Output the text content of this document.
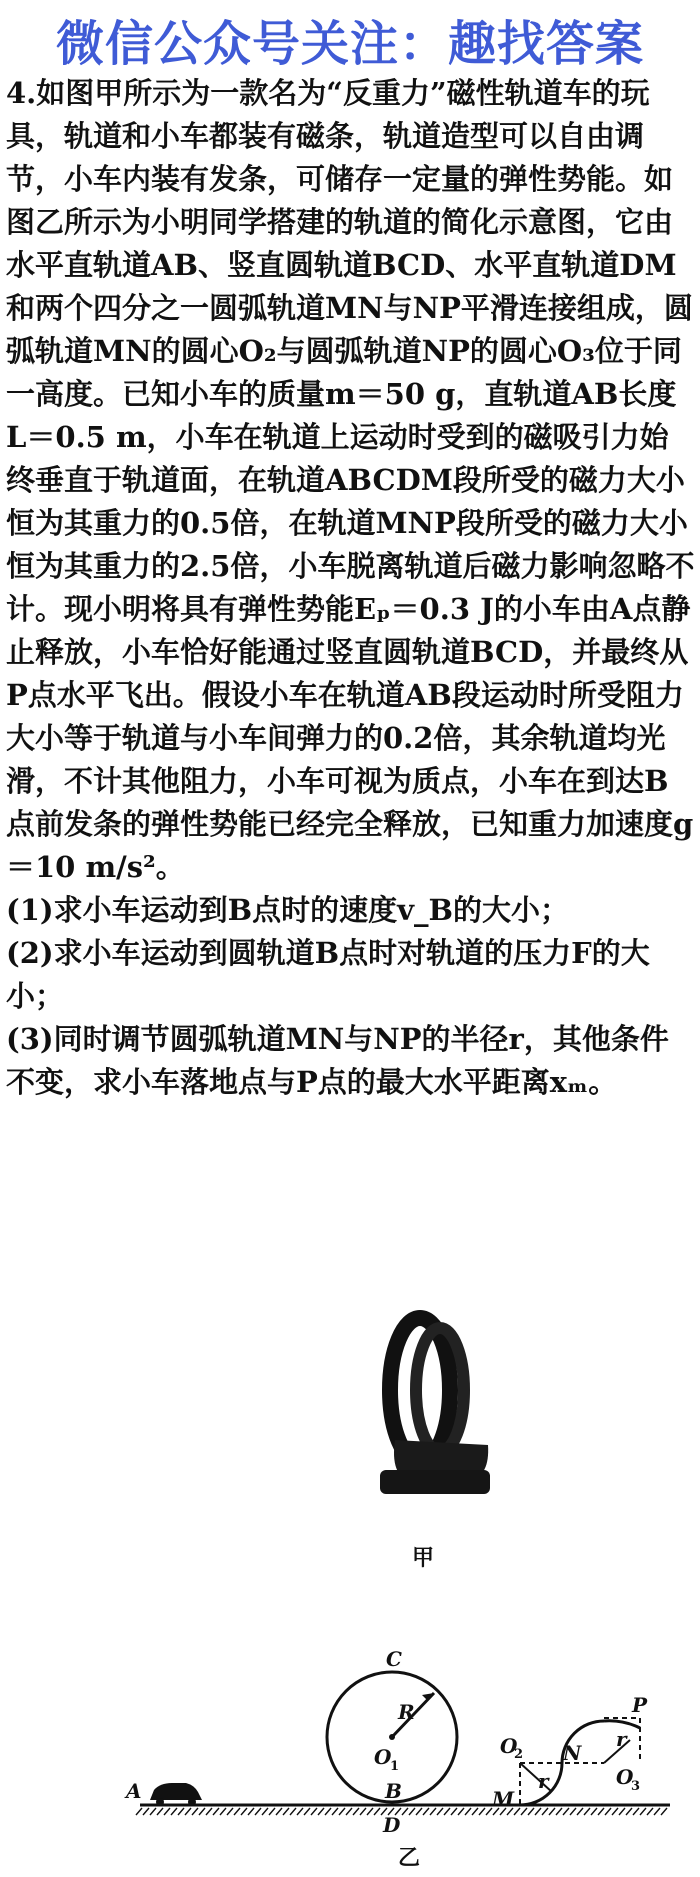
微信公众号关注：趣找答案

4.如图甲所示为一款名为“反重力”磁性轨道车的玩具，轨道和小车都装有磁条，轨道造型可以自由调节，小车内装有发条，可储存一定量的弹性势能。如图乙所示为小明同学搭建的轨道的简化示意图，它由水平直轨道AB、竖直圆轨道BCD、水平直轨道DM和两个四分之一圆弧轨道MN与NP平滑连接组成，圆弧轨道MN的圆心O₂与圆弧轨道NP的圆心O₃位于同一高度。已知小车的质量m＝50 g，直轨道AB长度L＝0.5 m，小车在轨道上运动时受到的磁吸引力始终垂直于轨道面，在轨道ABCDM段所受的磁力大小恒为其重力的0.5倍，在轨道MNP段所受的磁力大小恒为其重力的2.5倍，小车脱离轨道后磁力影响忽略不计。现小明将具有弹性势能Eₚ＝0.3 J的小车由A点静止释放，小车恰好能通过竖直圆轨道BCD，并最终从P点水平飞出。假设小车在轨道AB段运动时所受阻力大小等于轨道与小车间弹力的0.2倍，其余轨道均光滑，不计其他阻力，小车可视为质点，小车在到达B点前发条的弹性势能已经完全释放，已知重力加速度g＝10 m/s²。

(1)求小车运动到B点时的速度v_B的大小；

(2)求小车运动到圆轨道B点时对轨道的压力F的大小；

(3)同时调节圆弧轨道MN与NP的半径r，其他条件不变，求小车落地点与P点的最大水平距离xₘ。

甲
A
C
R
O
1
B
D
O
2 N
P
O
3
r
r
M
乙
